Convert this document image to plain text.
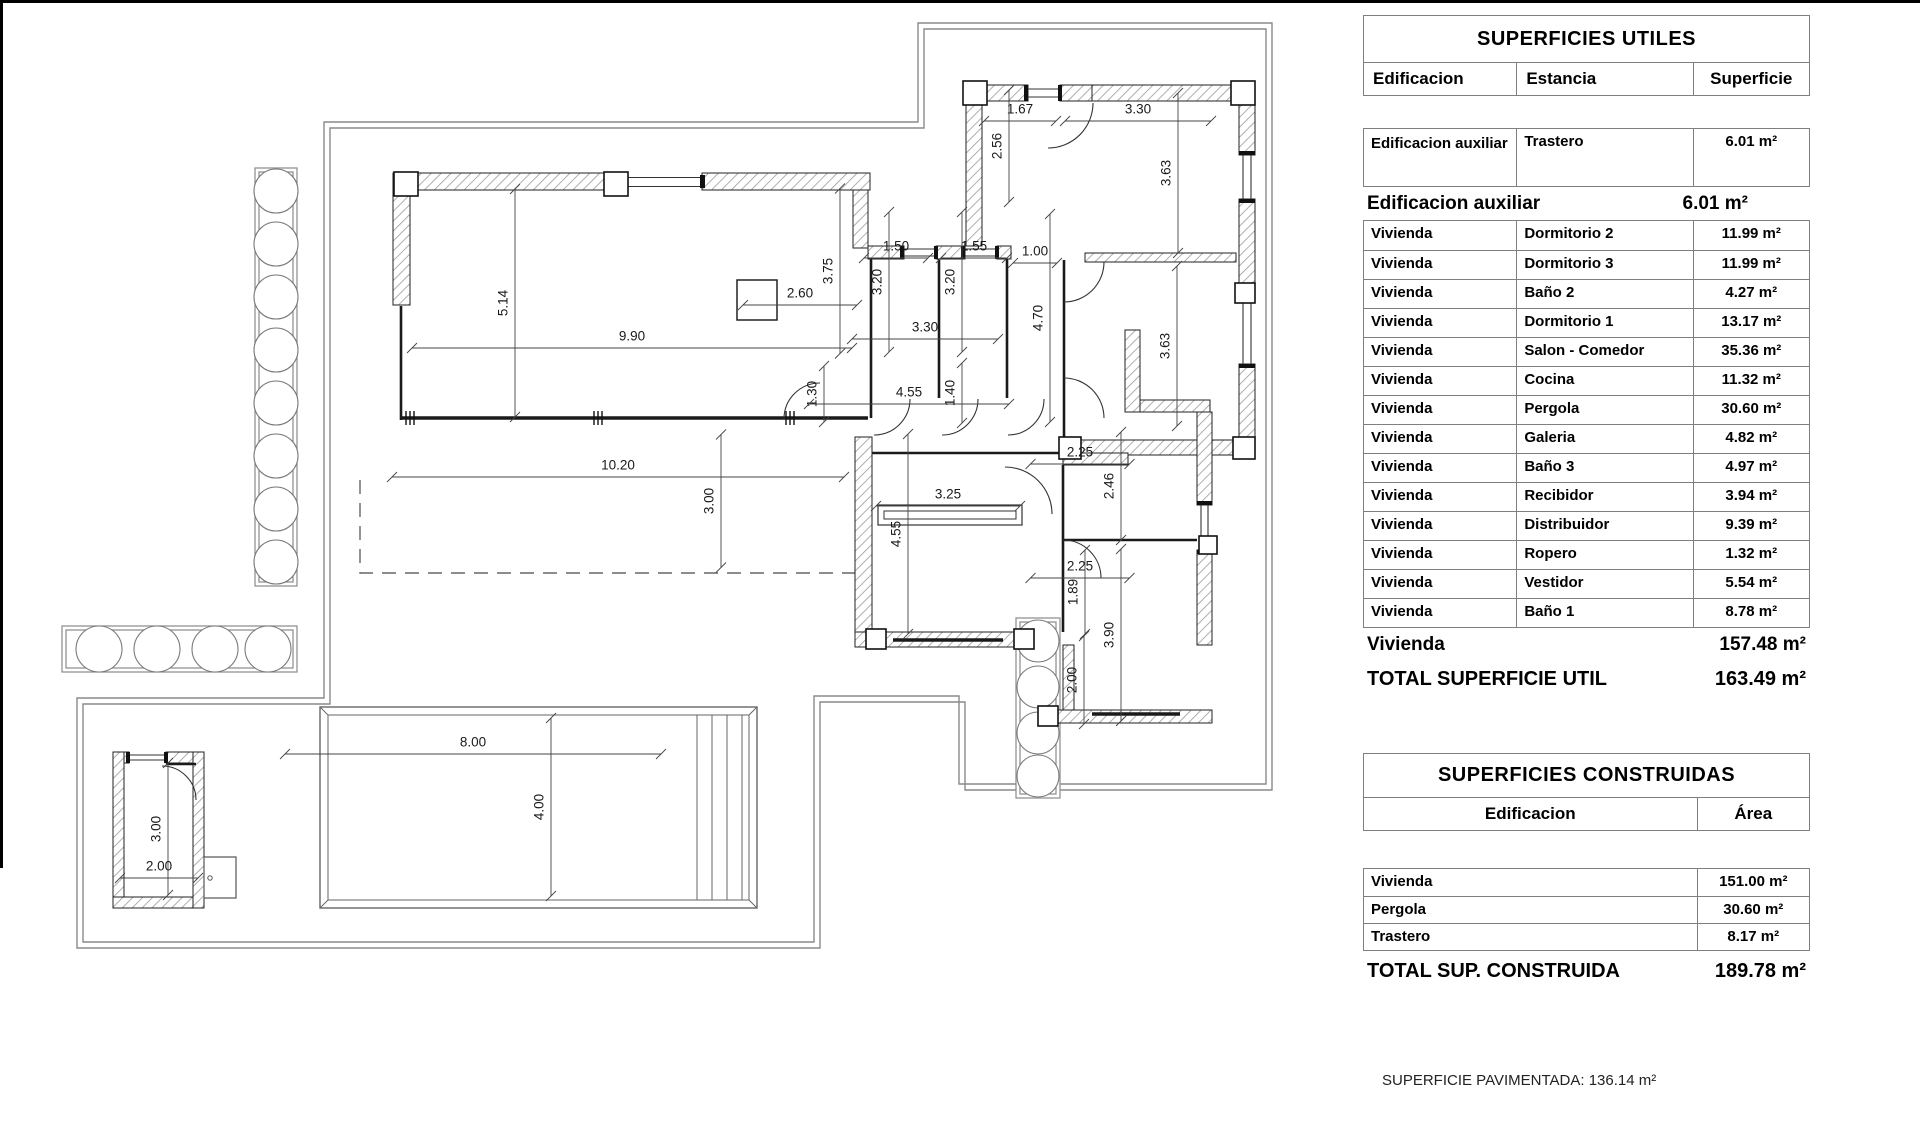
1.67	3.30
2.56
3.63
1.50	1.55	1.00
2.60
3.75	3.20	3.20
4.70
5.14
9.90	3.63
3.30
1.30	4.55 1.40
2.25
10.20
2.46
3.00	3.25
4.55
2.25
1.89
3.90
2.00
8.00
4.00
3.00
2.00
SUPERFICIES UTILES
Edificacion	Estancia	Superficie
Edificacion auxiliar	Trastero	6.01 m²
Edificacion auxiliar	6.01 m²
Vivienda	Dormitorio 2	11.99 m²
Vivienda	Dormitorio 3	11.99 m²
Vivienda	Baño 2	4.27 m²
Vivienda	Dormitorio 1	13.17 m²
Vivienda	Salon - Comedor	35.36 m²
Vivienda	Cocina	11.32 m²
Vivienda	Pergola	30.60 m²
Vivienda	Galeria	4.82 m²
Vivienda	Baño 3	4.97 m²
Vivienda	Recibidor	3.94 m²
Vivienda	Distribuidor	9.39 m²
Vivienda	Ropero	1.32 m²
Vivienda	Vestidor	5.54 m²
Vivienda	Baño 1	8.78 m²
Vivienda	157.48 m²
TOTAL SUPERFICIE UTIL	163.49 m²
SUPERFICIES CONSTRUIDAS
Edificacion	Área
Vivienda	151.00 m²
Pergola	30.60 m²
Trastero	8.17 m²
TOTAL SUP. CONSTRUIDA	189.78 m²
SUPERFICIE PAVIMENTADA: 136.14 m²
